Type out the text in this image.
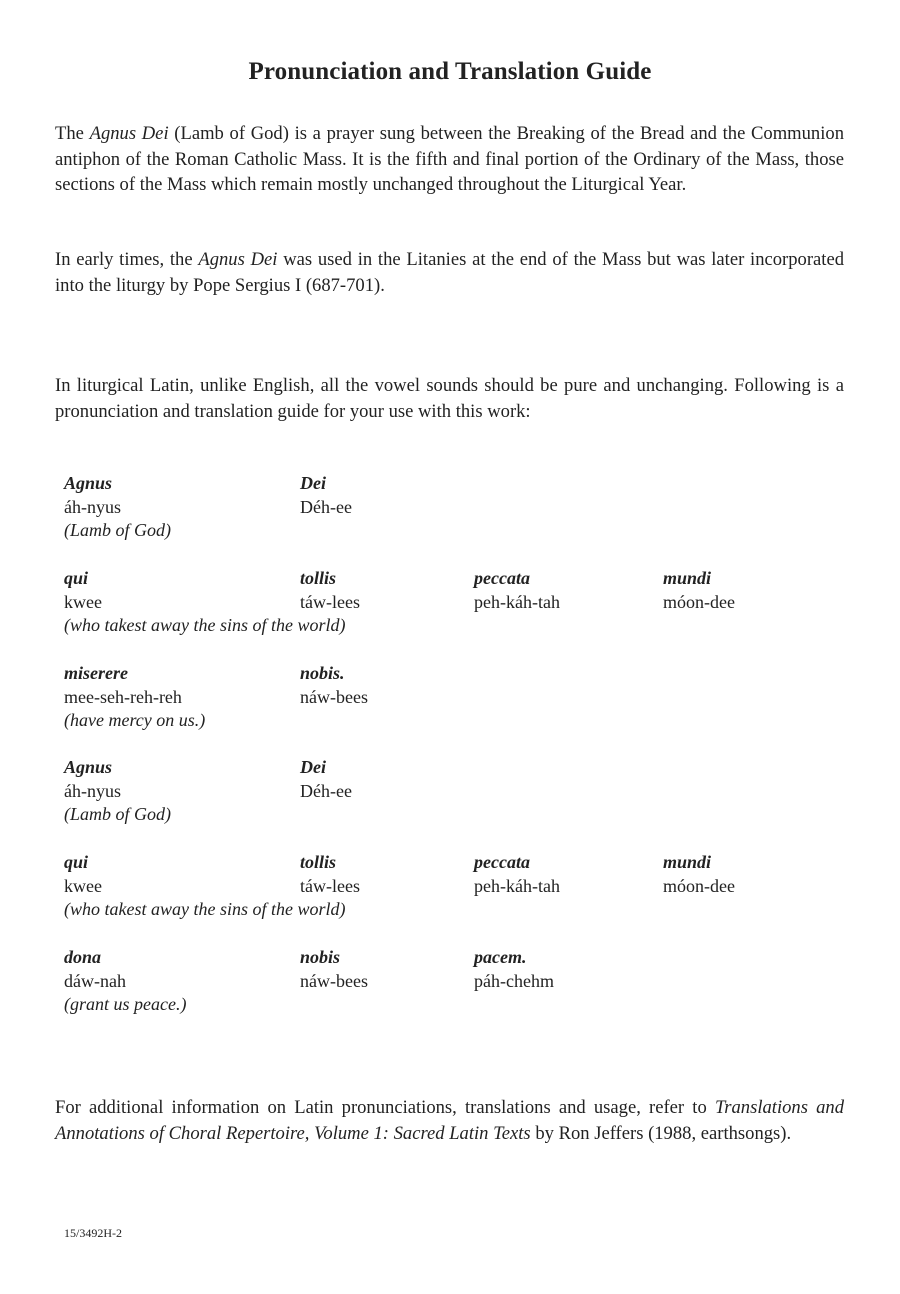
Pronunciation and Translation Guide

The Agnus Dei (Lamb of God) is a prayer sung between the Breaking of the Bread and the Communion antiphon of the Roman Catholic Mass. It is the fifth and final portion of the Ordinary of the Mass, those sections of the Mass which remain mostly unchanged throughout the Liturgical Year.

In early times, the Agnus Dei was used in the Litanies at the end of the Mass but was later incorporated into the liturgy by Pope Sergius I (687-701).

In liturgical Latin, unlike English, all the vowel sounds should be pure and unchanging. Following is a pronunciation and translation guide for your use with this work:

Agnus
áh-nyus
Dei
Déh-ee
(Lamb of God)
qui
kwee
tollis
táw-lees
peccata
peh-káh-tah
mundi
móon-dee
(who takest away the sins of the world)
miserere
mee-seh-reh-reh
nobis.
náw-bees
(have mercy on us.)
Agnus
áh-nyus
Dei
Déh-ee
(Lamb of God)
qui
kwee
tollis
táw-lees
peccata
peh-káh-tah
mundi
móon-dee
(who takest away the sins of the world)
dona
dáw-nah
nobis
náw-bees
pacem.
páh-chehm
(grant us peace.)

For additional information on Latin pronunciations, translations and usage, refer to Translations and Annotations of Choral Repertoire, Volume 1: Sacred Latin Texts by Ron Jeffers (1988, earthsongs).

15/3492H-2
